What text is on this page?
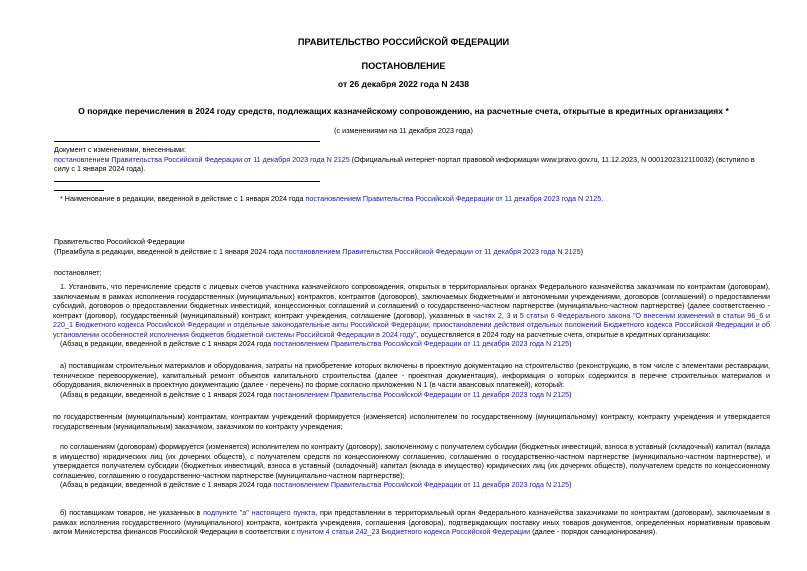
ПРАВИТЕЛЬСТВО РОССИЙСКОЙ ФЕДЕРАЦИИ
ПОСТАНОВЛЕНИЕ
от 26 декабря 2022 года N 2438
О порядке перечисления в 2024 году средств, подлежащих казначейскому сопровождению, на расчетные счета, открытые в кредитных организациях *
(с изменениями на 11 декабря 2023 года)
Документ с изменениями, внесенными:
постановлением Правительства Российской Федерации от 11 декабря 2023 года N 2125 (Официальный интернет-портал правовой информации www.pravo.gov.ru, 11.12.2023, N 0001202312110032) (вступило в
силу с 1 января 2024 года).
* Наименование в редакции, введенной в действие с 1 января 2024 года постановлением Правительства Российской Федерации от 11 декабря 2023 года N 2125.
Правительство Российской Федерации
(Преамбула в редакции, введенной в действие с 1 января 2024 года постановлением Правительства Российской Федерации от 11 декабря 2023 года N 2125)
постановляет:
1. Установить, что перечисление средств с лицевых счетов участника казначейского сопровождения, открытых в территориальных органах Федерального казначейства заказчикам по контрактам (договорам), заключаемым в рамках исполнения государственных (муниципальных) контрактов, контрактов (договоров), заключаемых бюджетными и автономными учреждениями, договоров (соглашений) о предоставлении субсидий, договоров о предоставлении бюджетных инвестиций, концессионных соглашений и соглашений о государственно-частном партнерстве (муниципально-частном партнерстве) (далее соответственно - контракт (договор), государственный (муниципальный) контракт, контракт учреждения, соглашение (договор), указанных в частях 2, 3 и 5 статьи 6 Федерального закона "О внесении изменений в статьи 96_6 и 220_1 Бюджетного кодекса Российской Федерации и отдельные законодательные акты Российской Федерации, приостановлении действия отдельных положений Бюджетного кодекса Российской Федерации и об установлении особенностей исполнения бюджетов бюджетной системы Российской Федерации в 2024 году", осуществляется в 2024 году на расчетные счета, открытые в кредитных организациях:
(Абзац в редакции, введенной в действие с 1 января 2024 года постановлением Правительства Российской Федерации от 11 декабря 2023 года N 2125)
а) поставщикам строительных материалов и оборудования, затраты на приобретение которых включены в проектную документацию на строительство (реконструкцию, в том числе с элементами реставрации, техническое перевооружение), капитальный ремонт объектов капитального строительства (далее - проектная документация), информация о которых содержится в перечне строительных материалов и оборудования, включенных в проектную документацию (далее - перечень) по форме согласно приложению N 1 (в части авансовых платежей), который:
(Абзац в редакции, введенной в действие с 1 января 2024 года постановлением Правительства Российской Федерации от 11 декабря 2023 года N 2125)
по государственным (муниципальным) контрактам, контрактам учреждений формируется (изменяется) исполнителем по государственному (муниципальному) контракту, контракту учреждения и утверждается государственным (муниципальным) заказчиком, заказчиком по контракту учреждения;
по соглашениям (договорам) формируется (изменяется) исполнителем по контракту (договору), заключенному с получателем субсидии (бюджетных инвестиций, взноса в уставный (складочный) капитал (вклада в имущество) юридических лиц (их дочерних обществ), с получателем средств по концессионному соглашению, соглашению о государственно-частном партнерстве (муниципально-частном партнерстве), и утверждается получателем субсидии (бюджетных инвестиций, взноса в уставный (складочный) капитал (вклада в имущество) юридических лиц (их дочерних обществ), получателем средств по концессионному соглашению, соглашению о государственно-частном партнерстве (муниципально-частном партнерстве);
(Абзац в редакции, введенной в действие с 1 января 2024 года постановлением Правительства Российской Федерации от 11 декабря 2023 года N 2125)
б) поставщикам товаров, не указанных в подпункте "а" настоящего пункта, при представлении в территориальный орган Федерального казначейства заказчиками по контрактам (договорам), заключаемым в рамках исполнения государственного (муниципального) контракта, контракта учреждения, соглашения (договора), подтверждающих поставку иных товаров документов, определенных нормативным правовым актом Министерства финансов Российской Федерации в соответствии с пунктом 4 статьи 242_23 Бюджетного кодекса Российской Федерации (далее - порядок санкционирования).
